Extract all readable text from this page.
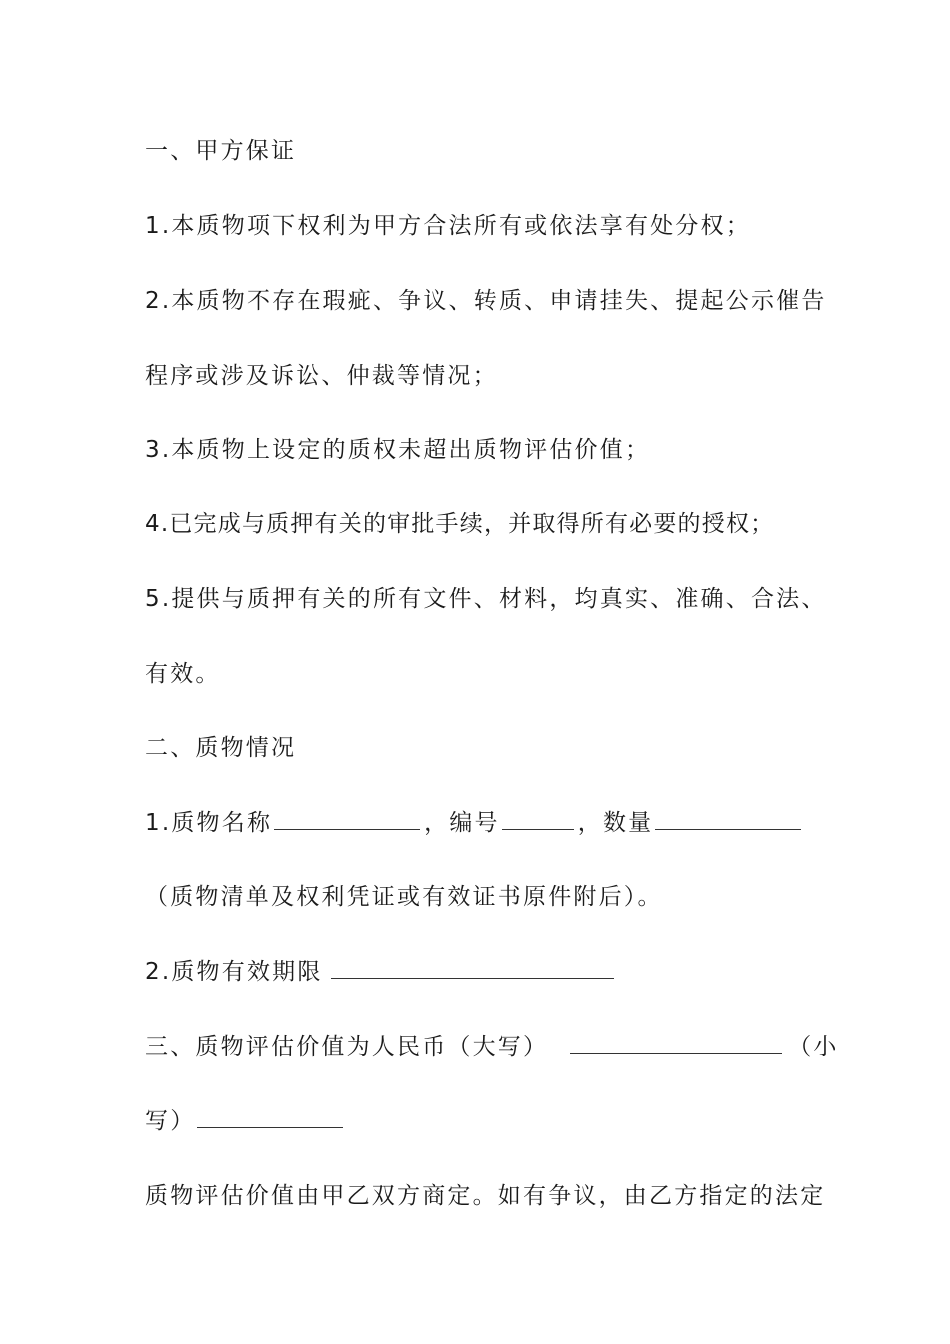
一、甲方保证
1.本质物项下权利为甲方合法所有或依法享有处分权；
2.本质物不存在瑕疵、争议、转质、申请挂失、提起公示催告
程序或涉及诉讼、仲裁等情况；
3.本质物上设定的质权未超出质物评估价值；
4.已完成与质押有关的审批手续，并取得所有必要的授权；
5.提供与质押有关的所有文件、材料，均真实、准确、合法、
有效。
二、质物情况
1.质物名称	，编号	，数量
（质物清单及权利凭证或有效证书原件附后）。
2.质物有效期限
三、质物评估价值为人民币（大写）	（小
写）
质物评估价值由甲乙双方商定。如有争议，由乙方指定的法定
